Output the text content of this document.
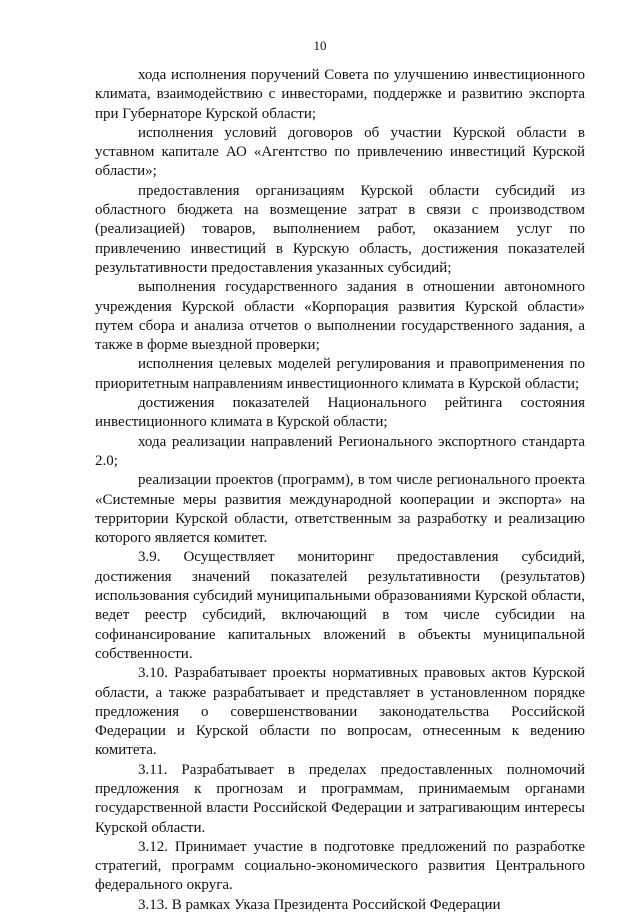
10

хода исполнения поручений Совета по улучшению инвестиционного климата, взаимодействию с инвесторами, поддержке и развитию экспорта при Губернаторе Курской области;

исполнения условий договоров об участии Курской области в уставном капитале АО «Агентство по привлечению инвестиций Курской области»;

предоставления организациям Курской области субсидий из областного бюджета на возмещение затрат в связи с производством (реализацией) товаров, выполнением работ, оказанием услуг по привлечению инвестиций в Курскую область, достижения показателей результативности предоставления указанных субсидий;

выполнения государственного задания в отношении автономного учреждения Курской области «Корпорация развития Курской области» путем сбора и анализа отчетов о выполнении государственного задания, а также в форме выездной проверки;

исполнения целевых моделей регулирования и правоприменения по приоритетным направлениям инвестиционного климата в Курской области;

достижения показателей Национального рейтинга состояния инвестиционного климата в Курской области;

хода реализации направлений Регионального экспортного стандарта 2.0;

реализации проектов (программ), в том числе регионального проекта «Системные меры развития международной кооперации и экспорта» на территории Курской области, ответственным за разработку и реализацию которого является комитет.

3.9. Осуществляет мониторинг предоставления субсидий, достижения значений показателей результативности (результатов) использования субсидий муниципальными образованиями Курской области, ведет реестр субсидий, включающий в том числе субсидии на софинансирование капитальных вложений в объекты муниципальной собственности.

3.10. Разрабатывает проекты нормативных правовых актов Курской области, а также разрабатывает и представляет в установленном порядке предложения о совершенствовании законодательства Российской Федерации и Курской области по вопросам, отнесенным к ведению комитета.

3.11. Разрабатывает в пределах предоставленных полномочий предложения к прогнозам и программам, принимаемым органами государственной власти Российской Федерации и затрагивающим интересы Курской области.

3.12. Принимает участие в подготовке предложений по разработке стратегий, программ социально-экономического развития Центрального федерального округа.

3.13. В рамках Указа Президента Российской Федерации
